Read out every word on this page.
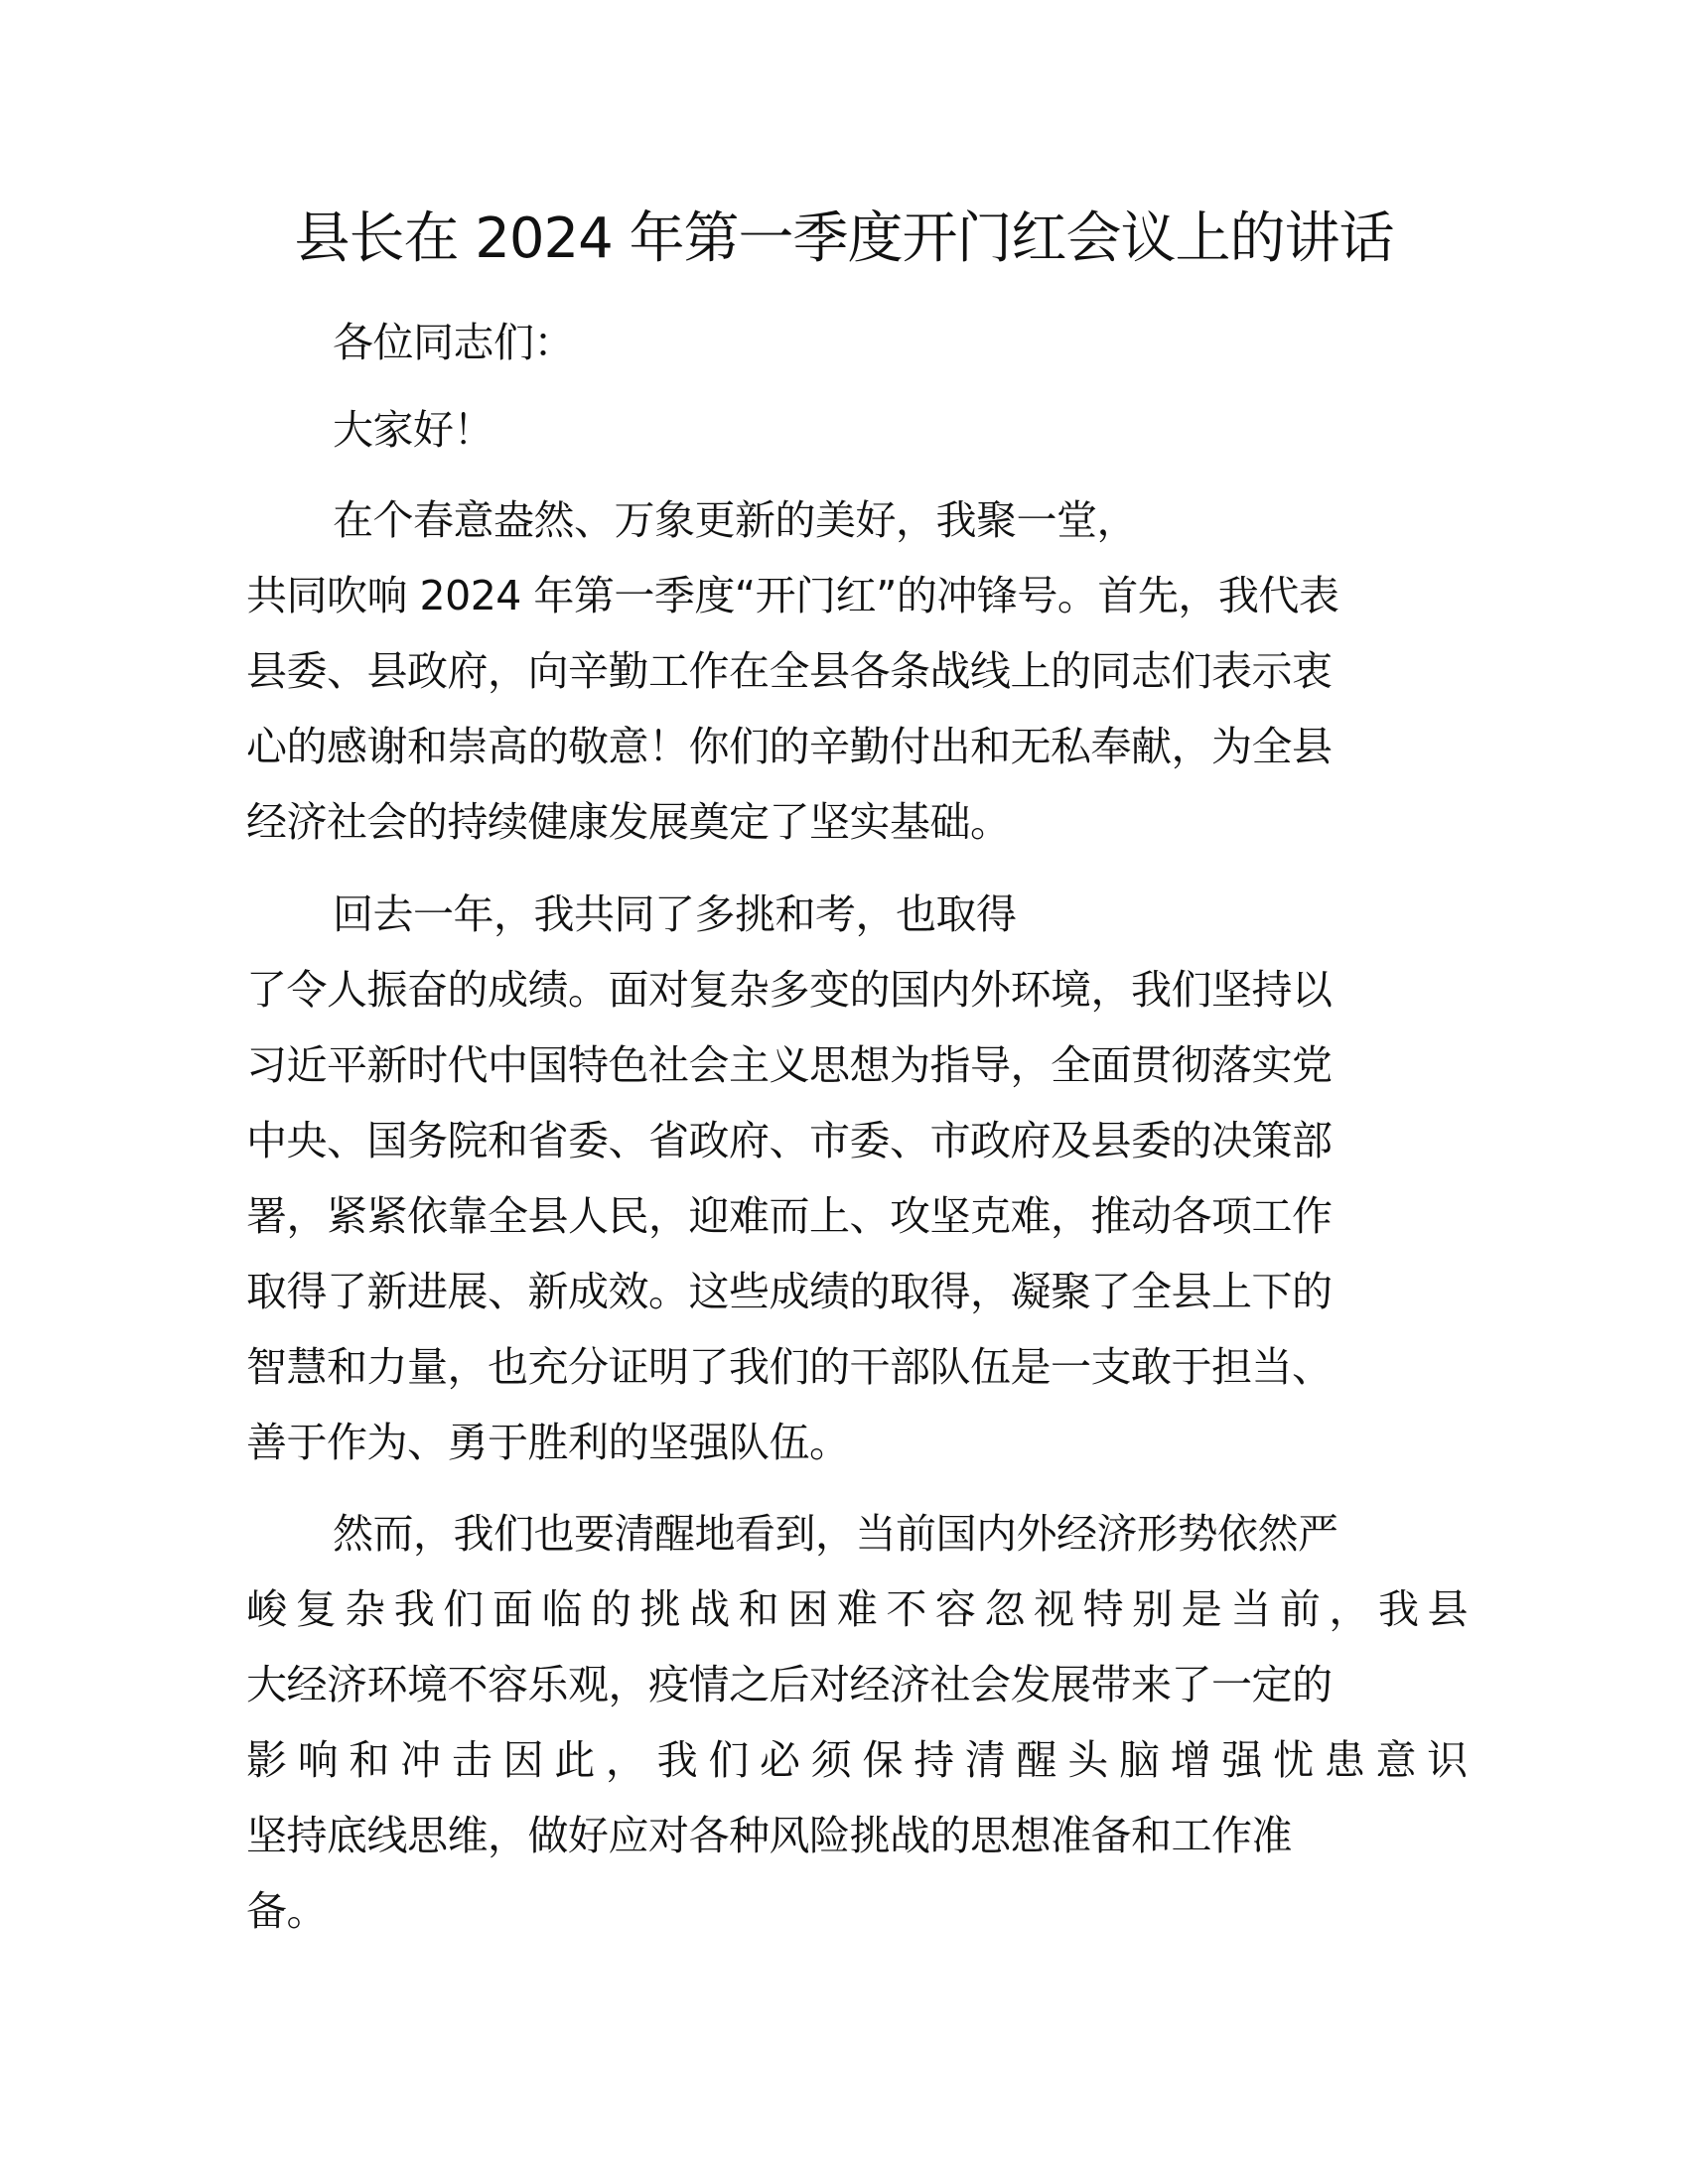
县长在 2024 年第一季度开门红会议上的讲话
各位同志们：
大家好！
在个春意盎然、万象更新的美好，我聚一堂，
共同吹响 2024 年第一季度“开门红”的冲锋号。首先，我代表
县委、县政府，向辛勤工作在全县各条战线上的同志们表示衷
心的感谢和崇高的敬意！你们的辛勤付出和无私奉献，为全县
经济社会的持续健康发展奠定了坚实基础。
回去一年，我共同了多挑和考，也取得
了令人振奋的成绩。面对复杂多变的国内外环境，我们坚持以
习近平新时代中国特色社会主义思想为指导，全面贯彻落实党
中央、国务院和省委、省政府、市委、市政府及县委的决策部
署，紧紧依靠全县人民，迎难而上、攻坚克难，推动各项工作
取得了新进展、新成效。这些成绩的取得，凝聚了全县上下的
智慧和力量，也充分证明了我们的干部队伍是一支敢于担当、
善于作为、勇于胜利的坚强队伍。
然而，我们也要清醒地看到，当前国内外经济形势依然严
峻 复 杂 我 们 面 临 的 挑 战 和 困 难 不 容 忽 视 特 别 是 当 前 ， 我 县
大经济环境不容乐观，疫情之后对经济社会发展带来了一定的
影 响 和 冲 击 因 此 ， 我 们 必 须 保 持 清 醒 头 脑 增 强 忧 患 意 识
坚持底线思维，做好应对各种风险挑战的思想准备和工作准
备。
